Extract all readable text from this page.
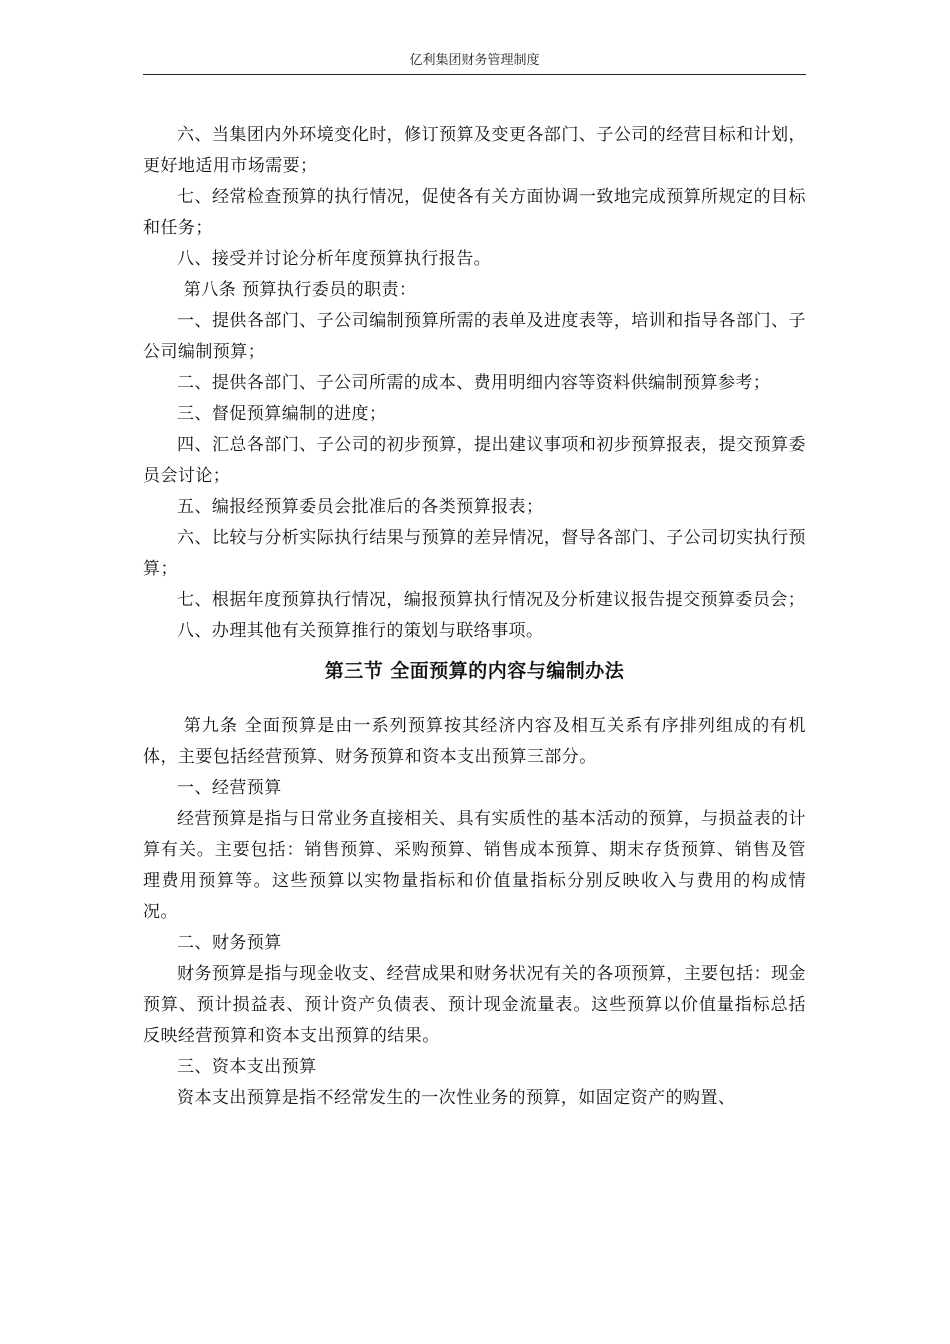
亿利集团财务管理制度

六、当集团内外环境变化时，修订预算及变更各部门、子公司的经营目标和计划，更好地适用市场需要；

七、经常检查预算的执行情况，促使各有关方面协调一致地完成预算所规定的目标和任务；

八、接受并讨论分析年度预算执行报告。

第八条 预算执行委员的职责：

一、提供各部门、子公司编制预算所需的表单及进度表等，培训和指导各部门、子公司编制预算；

二、提供各部门、子公司所需的成本、费用明细内容等资料供编制预算参考；

三、督促预算编制的进度；

四、汇总各部门、子公司的初步预算，提出建议事项和初步预算报表，提交预算委员会讨论；

五、编报经预算委员会批准后的各类预算报表；

六、比较与分析实际执行结果与预算的差异情况，督导各部门、子公司切实执行预算；

七、根据年度预算执行情况，编报预算执行情况及分析建议报告提交预算委员会；

八、办理其他有关预算推行的策划与联络事项。

第三节 全面预算的内容与编制办法

第九条 全面预算是由一系列预算按其经济内容及相互关系有序排列组成的有机体，主要包括经营预算、财务预算和资本支出预算三部分。

一、经营预算

经营预算是指与日常业务直接相关、具有实质性的基本活动的预算，与损益表的计算有关。主要包括：销售预算、采购预算、销售成本预算、期末存货预算、销售及管理费用预算等。这些预算以实物量指标和价值量指标分别反映收入与费用的构成情况。

二、财务预算

财务预算是指与现金收支、经营成果和财务状况有关的各项预算，主要包括：现金预算、预计损益表、预计资产负债表、预计现金流量表。这些预算以价值量指标总括反映经营预算和资本支出预算的结果。

三、资本支出预算

资本支出预算是指不经常发生的一次性业务的预算，如固定资产的购置、
